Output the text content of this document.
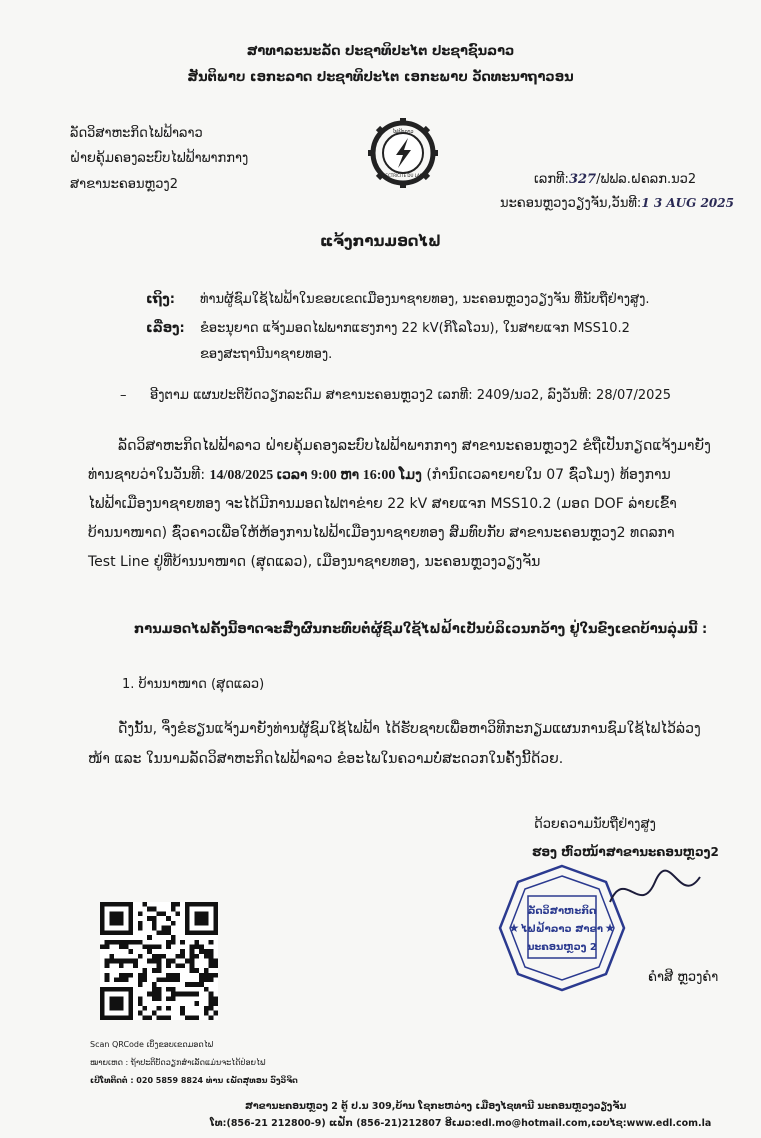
ສາທາລະນະລັດ ປະຊາທິປະໄຕ ປະຊາຊົນລາວ
ສັນຕິພາບ ເອກະລາດ ປະຊາທິປະໄຕ ເອກະພາບ ວັດທະນາຖາວອນ
ລັດວິສາຫະກິດໄຟຟ້າລາວ
ຝ່າຍຄຸ້ມຄອງລະບົບໄຟຟ້າພາກກາງ
ສາຂານະຄອນຫຼວງ2
ໄຟຟ້າລາວ
ELECTRICITE DU LAOS	ເລກທີ:327/ຟຟລ.ຝຄລກ.ນວ2
ນະຄອນຫຼວງວຽງຈັນ,ວັນທີ:1 3 AUG 2025
ແຈ້ງການມອດໄຟ
ເຖິງ: ທ່ານຜູ້ຊົມໃຊ້ໄຟຟ້າໃນຂອບເຂດເມືອງນາຊາຍທອງ, ນະຄອນຫຼວງວຽງຈັນ ທີ່ນັບຖືຢ່າງສູງ.
ເລື່ອງ: ຂໍອະນຸຍາດ ແຈ້ງມອດໄຟພາກແຮງກາງ 22 kV(ກິໂລໂວນ), ໃນສາຍແຈກ MSS10.2
ຂອງສະຖານີນາຊາຍທອງ.
– ອີງຕາມ ແຜນປະຕິບັດວຽກລະດົມ ສາຂານະຄອນຫຼວງ2 ເລກທີ: 2409/ນວ2, ລົງວັນທີ: 28/07/2025
ລັດວິສາຫະກິດໄຟຟ້າລາວ ຝ່າຍຄຸ້ມຄອງລະບົບໄຟຟ້າພາກກາງ ສາຂານະຄອນຫຼວງ2 ຂໍຖືເປັນກຽດແຈ້ງມາຍັງ
ທ່ານຊາບວ່າໃນວັນທີ: 14/08/2025 ເວລາ 9:00 ຫາ 16:00 ໂມງ (ກໍານົດເວລາຍາຍໃນ 07 ຊົ່ວໂມງ) ທ້ອງການ
ໄຟຟ້າເມືອງນາຊາຍທອງ ຈະໄດ້ມີການມອດໄຟຕາຂ່າຍ 22 kV ສາຍແຈກ MSS10.2 (ມອດ DOF ລ່າຍເຂົ້າ
ບ້ານນາໜາດ) ຊົ່ວຄາວເພື່ອໃຫ້ຫ້ອງການໄຟຟ້າເມືອງນາຊາຍທອງ ສົມທົບກັບ ສາຂານະຄອນຫຼວງ2 ທດລກາ
Test Line ຢູ່ທີ່ບ້ານນາໜາດ (ສຸດແລວ), ເມືອງນາຊາຍທອງ, ນະຄອນຫຼວງວຽງຈັນ
ການມອດໄຟຄັ້ງນີ້ອາດຈະສົ່ງຜົນກະທົບຕໍ່ຜູ້ຊົມໃຊ້ໄຟຟ້າເປັນບໍລິເວນກວ້າງ ຢູ່ໃນຂົງເຂດບ້ານລຸ່ມນີ້ :
1. ບ້ານນາໜາດ (ສຸດແລວ)
ດັ່ງນັ້ນ, ຈຶ່ງຂໍຮຽນແຈ້ງມາຍັງທ່ານຜູ້ຊົມໃຊ້ໄຟຟ້າ ໄດ້ຮັບຊາບເພື່ອຫາວິທີກະກຽມແຜນການຊົມໃຊ້ໄຟໄວ້ລ່ວງ
ໜ້າ ແລະ ໃນນາມລັດວິສາຫະກິດໄຟຟ້າລາວ ຂໍອະໄພໃນຄວາມບໍ່ສະດວກໃນຄັ້ງນີ້ດ້ວຍ.
ດ້ວຍຄວາມນັບຖືຢ່າງສູງ
ຮອງ ຫົວໜ້າສາຂານະຄອນຫຼວງ2
ລັດວິສາຫະກິດ
ໄຟຟ້າລາວ ສາຂາ
ນະຄອນຫຼວງ 2
★	★
ຄໍາສີ ຫຼວງຄໍາ
Scan QRCode ເບິ່ງຂອບເຂດມອດໄຟ
ໝາຍເຫດ : ຖ້າປະຕິບັດວຽກສໍາເລັດແມ່ນຈະໄດ້ປ່ອຍໄຟ
ເບີໂທຕິດຕໍ່ : 020 5859 8824 ທ່ານ ເພັດສຸທອນ ວົງວິຈິດ
ສາຂານະຄອນຫຼວງ 2 ຕູ້ ປ.ນ 309,ບ້ານ ໂຊກະຫວ່າງ ເມືອງໄຊທານີ ນະຄອນຫຼວງວຽງຈັນ
ໂທ:(856-21 212800-9) ແຟັກ (856-21)212807 ອີເມວ:edl.mo@hotmail.com,ເວບໄຊ:www.edl.com.la
